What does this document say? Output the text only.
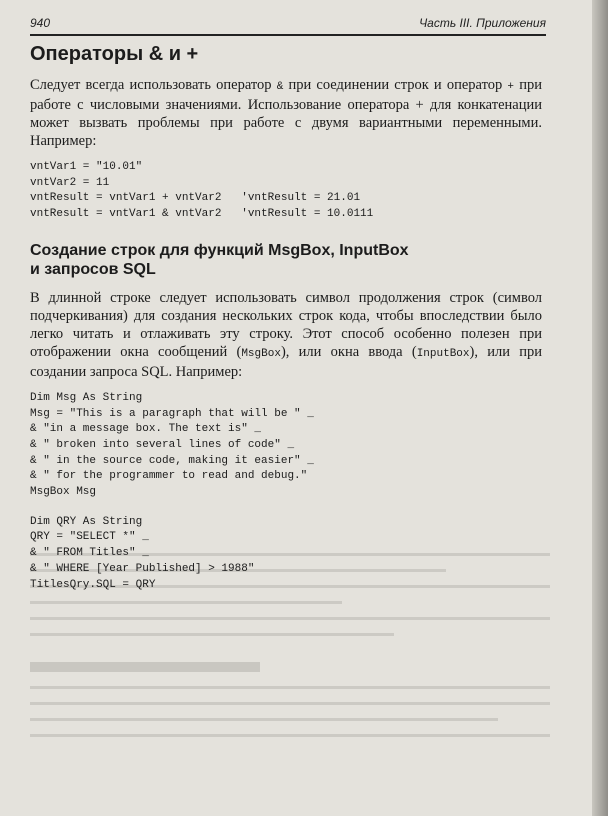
940	Часть III. Приложения
Операторы & и +

Следует всегда использовать оператор & при соединении строк и оператор + при работе с числовыми значениями. Использование оператора + для конкатенации может вызвать проблемы при работе с двумя вариантными переменными. Например:

vntVar1 = "10.01"
vntVar2 = 11
vntResult = vntVar1 + vntVar2   'vntResult = 21.01
vntResult = vntVar1 & vntVar2   'vntResult = 10.0111
Создание строк для функций MsgBox, InputBox
и запросов SQL

В длинной строке следует использовать символ продолжения строк (символ подчеркивания) для создания нескольких строк кода, чтобы впоследствии было легко читать и отлаживать эту строку. Этот способ особенно полезен при отображении окна сообщений (MsgBox), или окна ввода (InputBox), или при создании запроса SQL. Например:

Dim Msg As String
Msg = "This is a paragraph that will be " _
& "in a message box. The text is" _
& " broken into several lines of code" _
& " in the source code, making it easier" _
& " for the programmer to read and debug."
MsgBox Msg
Dim QRY As String
QRY = "SELECT *" _
& " FROM Titles" _
& " WHERE [Year Published] > 1988"
TitlesQry.SQL = QRY
